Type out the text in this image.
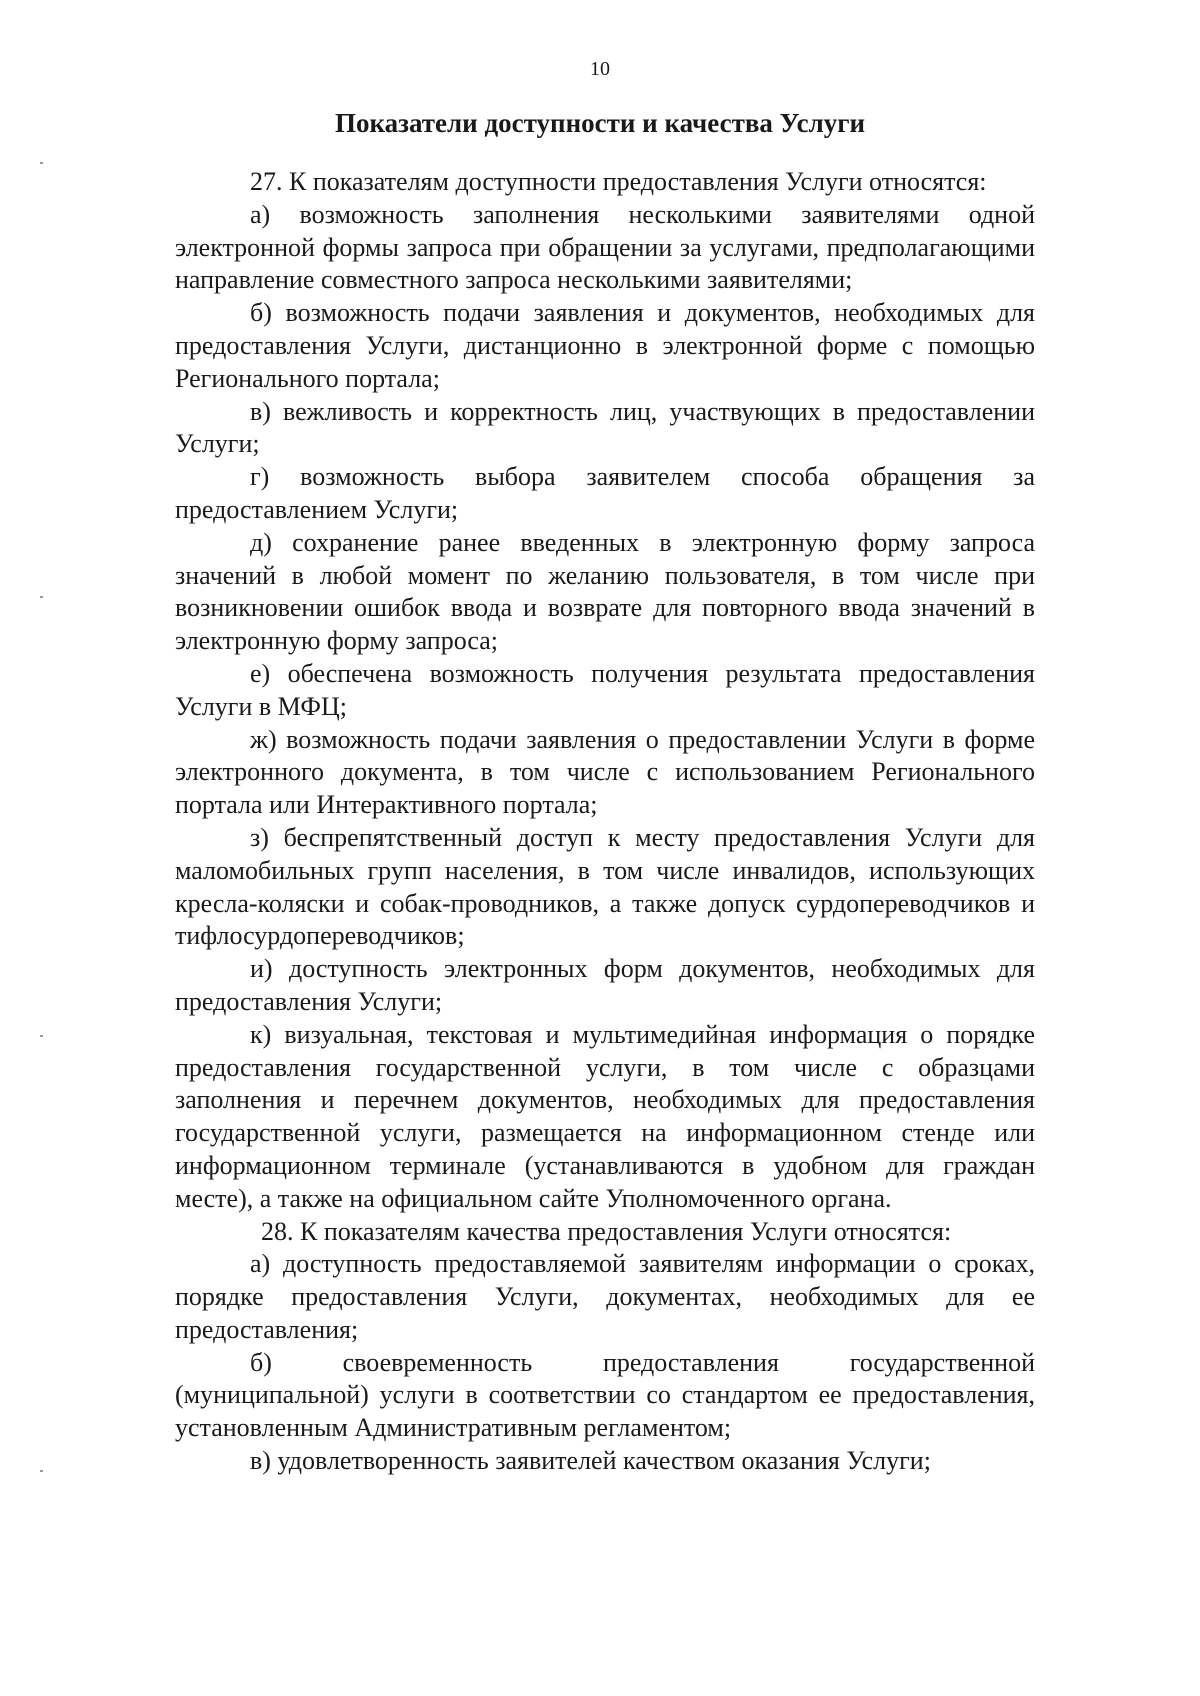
10
Показатели доступности и качества Услуги

27. К показателям доступности предоставления Услуги относятся:

а) возможность заполнения несколькими заявителями одной электронной формы запроса при обращении за услугами, предполагающими направление совместного запроса несколькими заявителями;

б) возможность подачи заявления и документов, необходимых для предоставления Услуги, дистанционно в электронной форме с помощью Регионального портала;

в) вежливость и корректность лиц, участвующих в предоставлении Услуги;

г) возможность выбора заявителем способа обращения за предоставлением Услуги;

д) сохранение ранее введенных в электронную форму запроса значений в любой момент по желанию пользователя, в том числе при возникновении ошибок ввода и возврате для повторного ввода значений в электронную форму запроса;

е) обеспечена возможность получения результата предоставления Услуги в МФЦ;

ж) возможность подачи заявления о предоставлении Услуги в форме электронного документа, в том числе с использованием Регионального портала или Интерактивного портала;

з) беспрепятственный доступ к месту предоставления Услуги для маломобильных групп населения, в том числе инвалидов, использующих кресла-коляски и собак-проводников, а также допуск сурдопереводчиков и тифлосурдопереводчиков;

и) доступность электронных форм документов, необходимых для предоставления Услуги;

к) визуальная, текстовая и мультимедийная информация о порядке предоставления государственной услуги, в том числе с образцами заполнения и перечнем документов, необходимых для предоставления государственной услуги, размещается на информационном стенде или информационном терминале (устанавливаются в удобном для граждан месте), а также на официальном сайте Уполномоченного органа.

28. К показателям качества предоставления Услуги относятся:

а) доступность предоставляемой заявителям информации о сроках, порядке предоставления Услуги, документах, необходимых для ее предоставления;

б) своевременность предоставления государственной (муниципальной) услуги в соответствии со стандартом ее предоставления, установленным Административным регламентом;

в) удовлетворенность заявителей качеством оказания Услуги;
